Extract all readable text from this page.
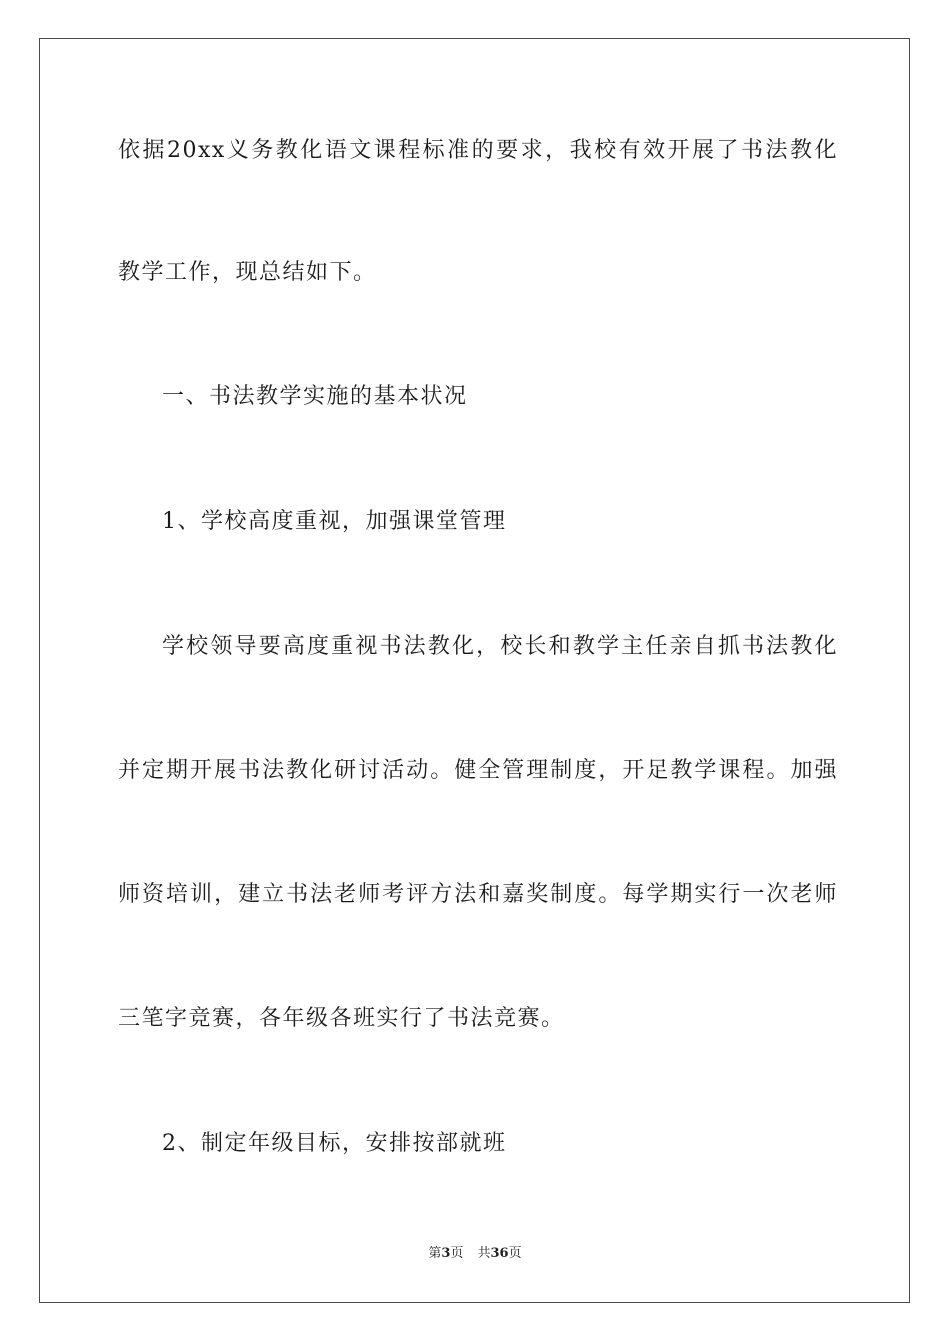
依据20xx义务教化语文课程标准的要求，我校有效开展了书法教化
教学工作，现总结如下。
一、书法教学实施的基本状况
1、学校高度重视，加强课堂管理
学校领导要高度重视书法教化，校长和教学主任亲自抓书法教化
并定期开展书法教化研讨活动。健全管理制度，开足教学课程。加强
师资培训，建立书法老师考评方法和嘉奖制度。每学期实行一次老师
三笔字竞赛，各年级各班实行了书法竞赛。
2、制定年级目标，安排按部就班
第3页 共36页
